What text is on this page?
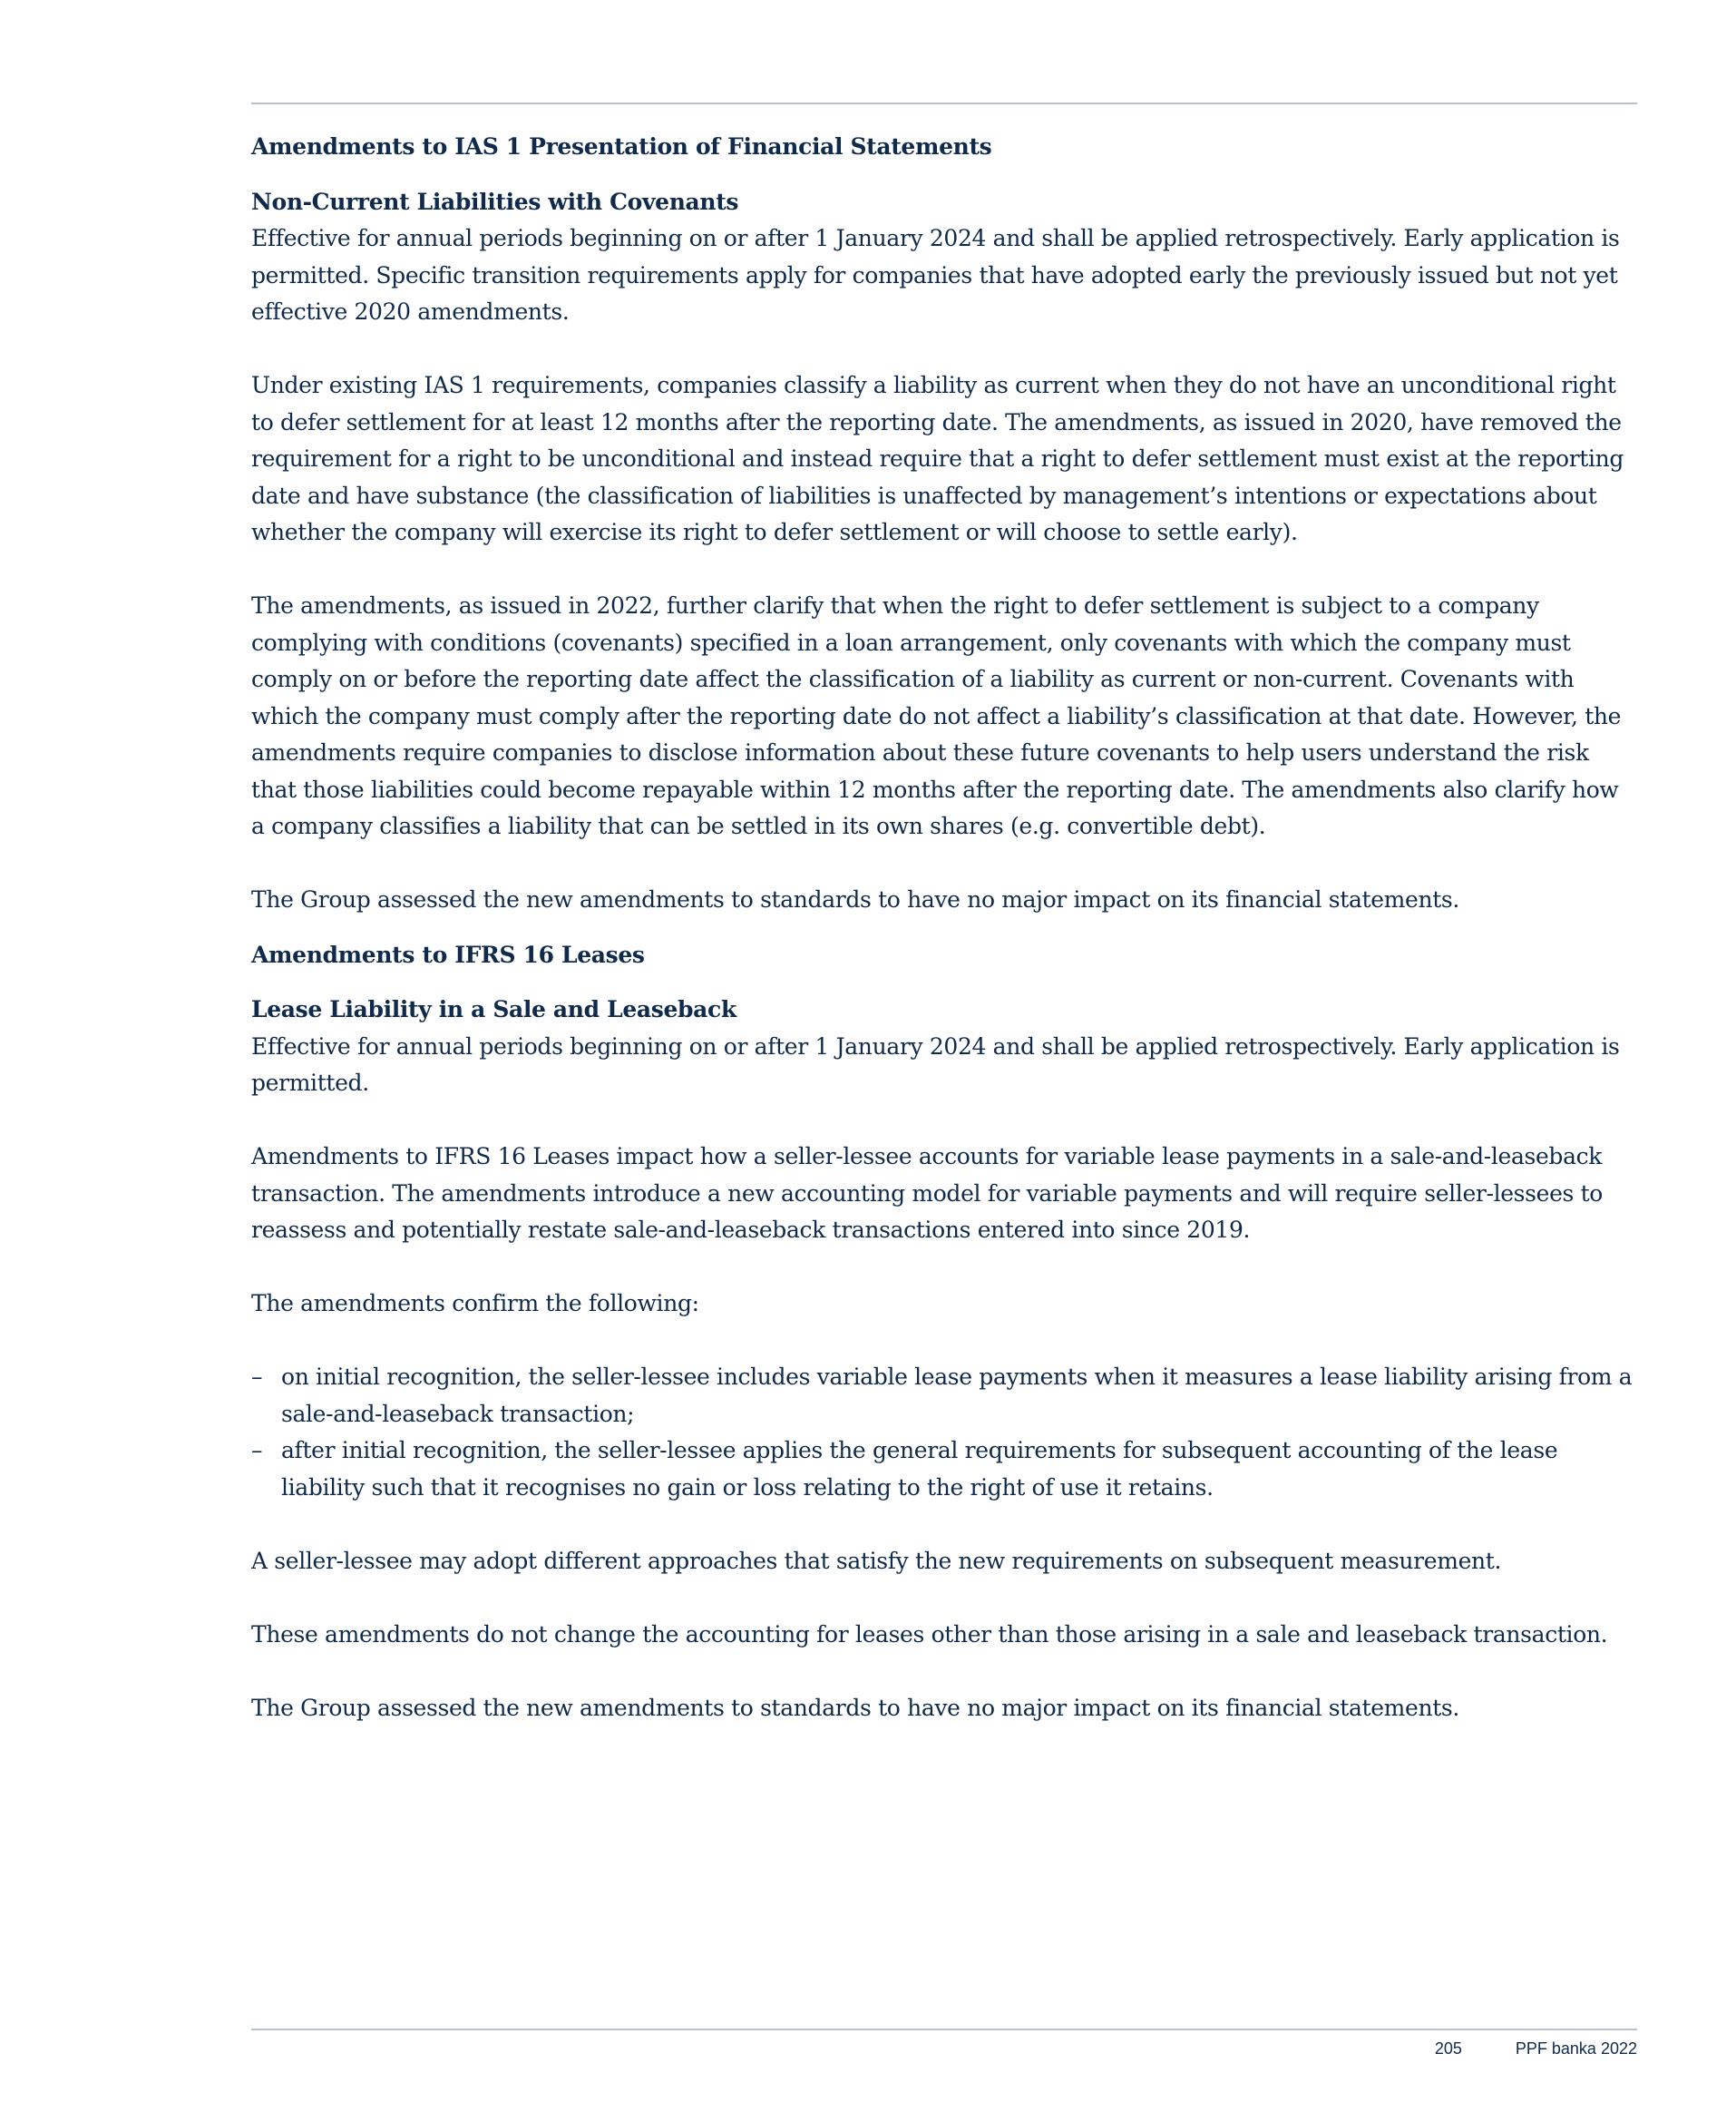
Amendments to IAS 1 Presentation of Financial Statements
Non-Current Liabilities with Covenants

Effective for annual periods beginning on or after 1 January 2024 and shall be applied retrospectively. Early application is permitted. Specific transition requirements apply for companies that have adopted early the previously issued but not yet effective 2020 amendments.

Under existing IAS 1 requirements, companies classify a liability as current when they do not have an unconditional right to defer settlement for at least 12 months after the reporting date. The amendments, as issued in 2020, have removed the requirement for a right to be unconditional and instead require that a right to defer settlement must exist at the reporting date and have substance (the classification of liabilities is unaffected by management’s intentions or expectations about whether the company will exercise its right to defer settlement or will choose to settle early).

The amendments, as issued in 2022, further clarify that when the right to defer settlement is subject to a company complying with conditions (covenants) specified in a loan arrangement, only covenants with which the company must comply on or before the reporting date affect the classification of a liability as current or non-current. Covenants with which the company must comply after the reporting date do not affect a liability’s classification at that date. However, the amendments require companies to disclose information about these future covenants to help users understand the risk that those liabilities could become repayable within 12 months after the reporting date. The amendments also clarify how a company classifies a liability that can be settled in its own shares (e.g. convertible debt).

The Group assessed the new amendments to standards to have no major impact on its financial statements.

Amendments to IFRS 16 Leases
Lease Liability in a Sale and Leaseback

Effective for annual periods beginning on or after 1 January 2024 and shall be applied retrospectively. Early application is permitted.

Amendments to IFRS 16 Leases impact how a seller-lessee accounts for variable lease payments in a sale-and-leaseback transaction. The amendments introduce a new accounting model for variable payments and will require seller-lessees to reassess and potentially restate sale-and-leaseback transactions entered into since 2019.

The amendments confirm the following:

– on initial recognition, the seller-lessee includes variable lease payments when it measures a lease liability arising from a sale-and-leaseback transaction;
– after initial recognition, the seller-lessee applies the general requirements for subsequent accounting of the lease liability such that it recognises no gain or loss relating to the right of use it retains.

A seller-lessee may adopt different approaches that satisfy the new requirements on subsequent measurement.

These amendments do not change the accounting for leases other than those arising in a sale and leaseback transaction.

The Group assessed the new amendments to standards to have no major impact on its financial statements.

205	PPF banka 2022
